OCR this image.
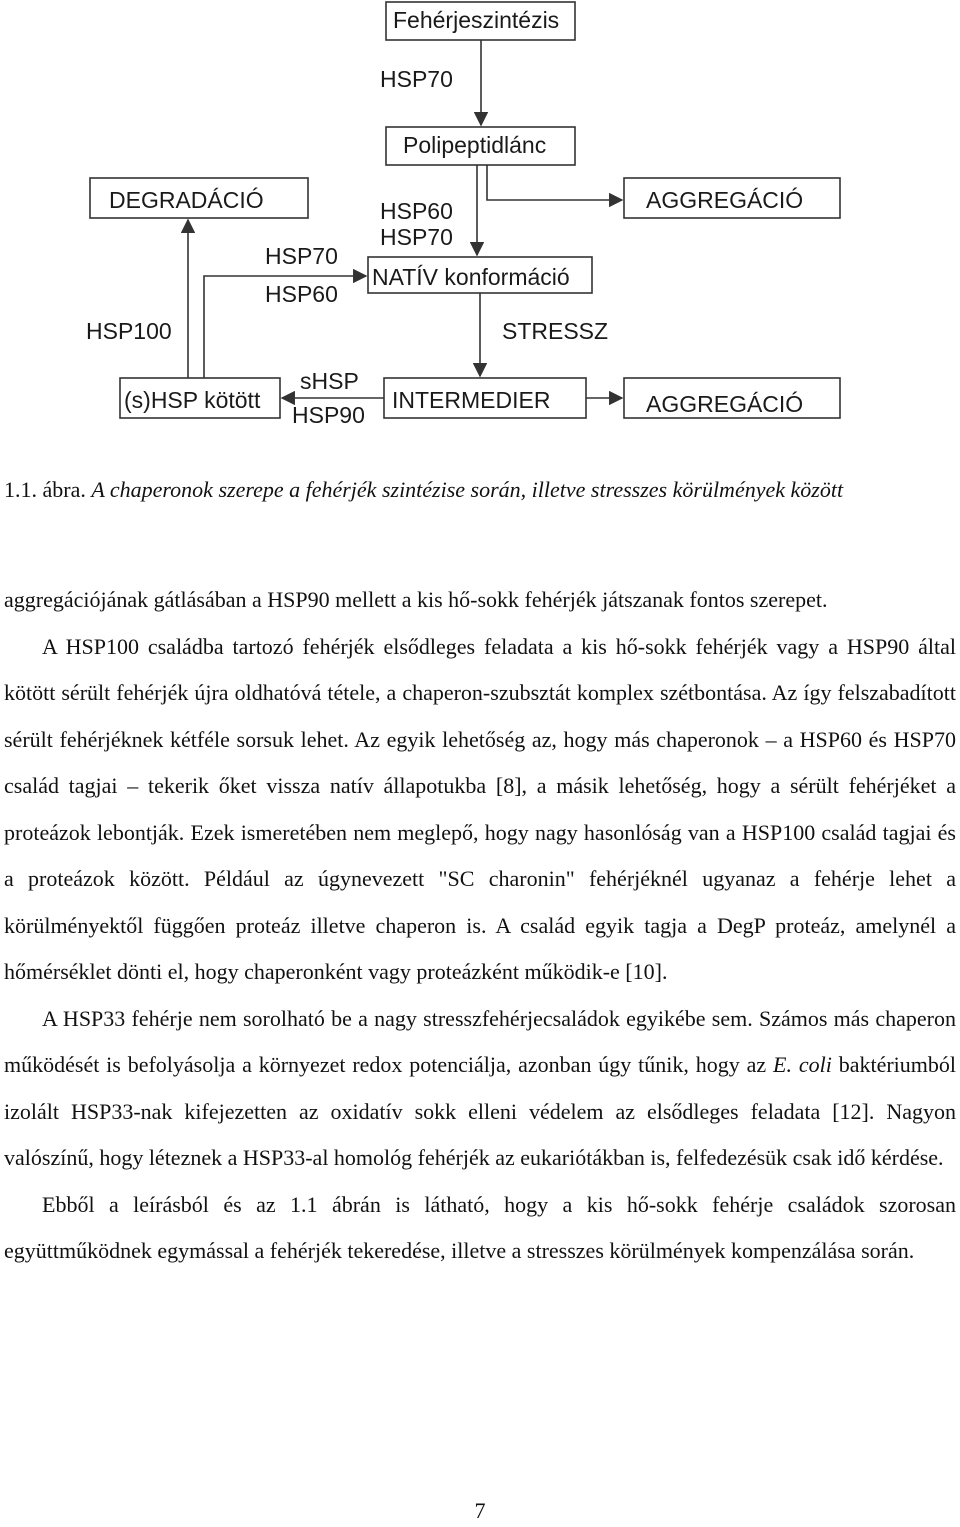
Fehérjeszintézis
HSP70
Polipeptidlánc
DEGRADÁCIÓ	AGGREGÁCIÓ
HSP70
HSP60
HSP60
HSP70
NATÍV konformáció
HSP100	STRESSZ
(s)HSP kötött
sHSP
HSP90
INTERMEDIER	AGGREGÁCIÓ

1.1. ábra. A chaperonok szerepe a fehérjék szintézise során, illetve stresszes körülmények között

aggregációjának gátlásában a HSP90 mellett a kis hő-sokk fehérjék játszanak fontos szerepet.

A HSP100 családba tartozó fehérjék elsődleges feladata a kis hő-sokk fehérjék vagy a HSP90 által kötött sérült fehérjék újra oldhatóvá tétele, a chaperon-szubsztát komplex szétbontása. Az így felszabadított sérült fehérjéknek kétféle sorsuk lehet. Az egyik lehetőség az, hogy más chaperonok – a HSP60 és HSP70 család tagjai – tekerik őket vissza natív állapotukba [8], a másik lehetőség, hogy a sérült fehérjéket a proteázok lebontják. Ezek ismeretében nem meglepő, hogy nagy hasonlóság van a HSP100 család tagjai és a proteázok között. Például az úgynevezett "SC charonin" fehérjéknél ugyanaz a fehérje lehet a körülményektől függően proteáz illetve chaperon is. A család egyik tagja a DegP proteáz, amelynél a hőmérséklet dönti el, hogy chaperonként vagy proteázként működik-e [10].

A HSP33 fehérje nem sorolható be a nagy stresszfehérjecsaládok egyikébe sem. Számos más chaperon működését is befolyásolja a környezet redox potenciálja, azonban úgy tűnik, hogy az E. coli baktériumból izolált HSP33-nak kifejezetten az oxidatív sokk elleni védelem az elsődleges feladata [12]. Nagyon valószínű, hogy léteznek a HSP33-al homológ fehérjék az eukariótákban is, felfedezésük csak idő kérdése.

Ebből a leírásból és az 1.1 ábrán is látható, hogy a kis hő-sokk fehérje családok szorosan együttműködnek egymással a fehérjék tekeredése, illetve a stresszes körülmények kompenzálása során.

7
